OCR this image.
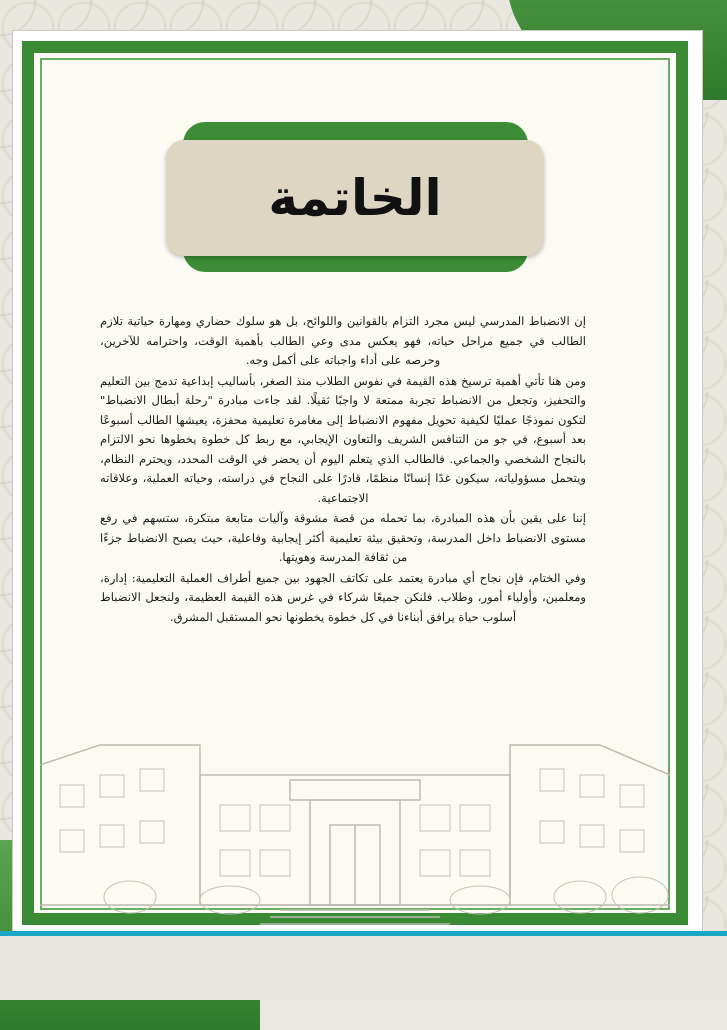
الخاتمة

إن الانضباط المدرسي ليس مجرد التزام بالقوانين واللوائح، بل هو سلوك حضاري ومهارة حياتية تلازم الطالب في جميع مراحل حياته، فهو يعكس مدى وعي الطالب بأهمية الوقت، واحترامه للآخرين، وحرصه على أداء واجباته على أكمل وجه.

ومن هنا تأتي أهمية ترسيخ هذه القيمة في نفوس الطلاب منذ الصغر، بأساليب إبداعية تدمج بين التعليم والتحفيز، وتجعل من الانضباط تجربة ممتعة لا واجبًا ثقيلًا. لقد جاءت مبادرة "رحلة أبطال الانضباط" لتكون نموذجًا عمليًا لكيفية تحويل مفهوم الانضباط إلى مغامرة تعليمية محفزة، يعيشها الطالب أسبوعًا بعد أسبوع، في جو من التنافس الشريف والتعاون الإيجابي، مع ربط كل خطوة يخطوها نحو الالتزام بالنجاح الشخصي والجماعي. فالطالب الذي يتعلم اليوم أن يحضر في الوقت المحدد، ويحترم النظام، ويتحمل مسؤولياته، سيكون غدًا إنسانًا منظمًا، قادرًا على النجاح في دراسته، وحياته العملية، وعلاقاته الاجتماعية.

إننا على يقين بأن هذه المبادرة، بما تحمله من قصة مشوقة وآليات متابعة مبتكرة، ستسهم في رفع مستوى الانضباط داخل المدرسة، وتحقيق بيئة تعليمية أكثر إيجابية وفاعلية، حيث يصبح الانضباط جزءًا من ثقافة المدرسة وهويتها.

وفي الختام، فإن نجاح أي مبادرة يعتمد على تكاتف الجهود بين جميع أطراف العملية التعليمية: إدارة، ومعلمين، وأولياء أمور، وطلاب. فلنكن جميعًا شركاء في غرس هذه القيمة العظيمة، ولنجعل الانضباط أسلوب حياة يرافق أبناءنا في كل خطوة يخطونها نحو المستقبل المشرق.
